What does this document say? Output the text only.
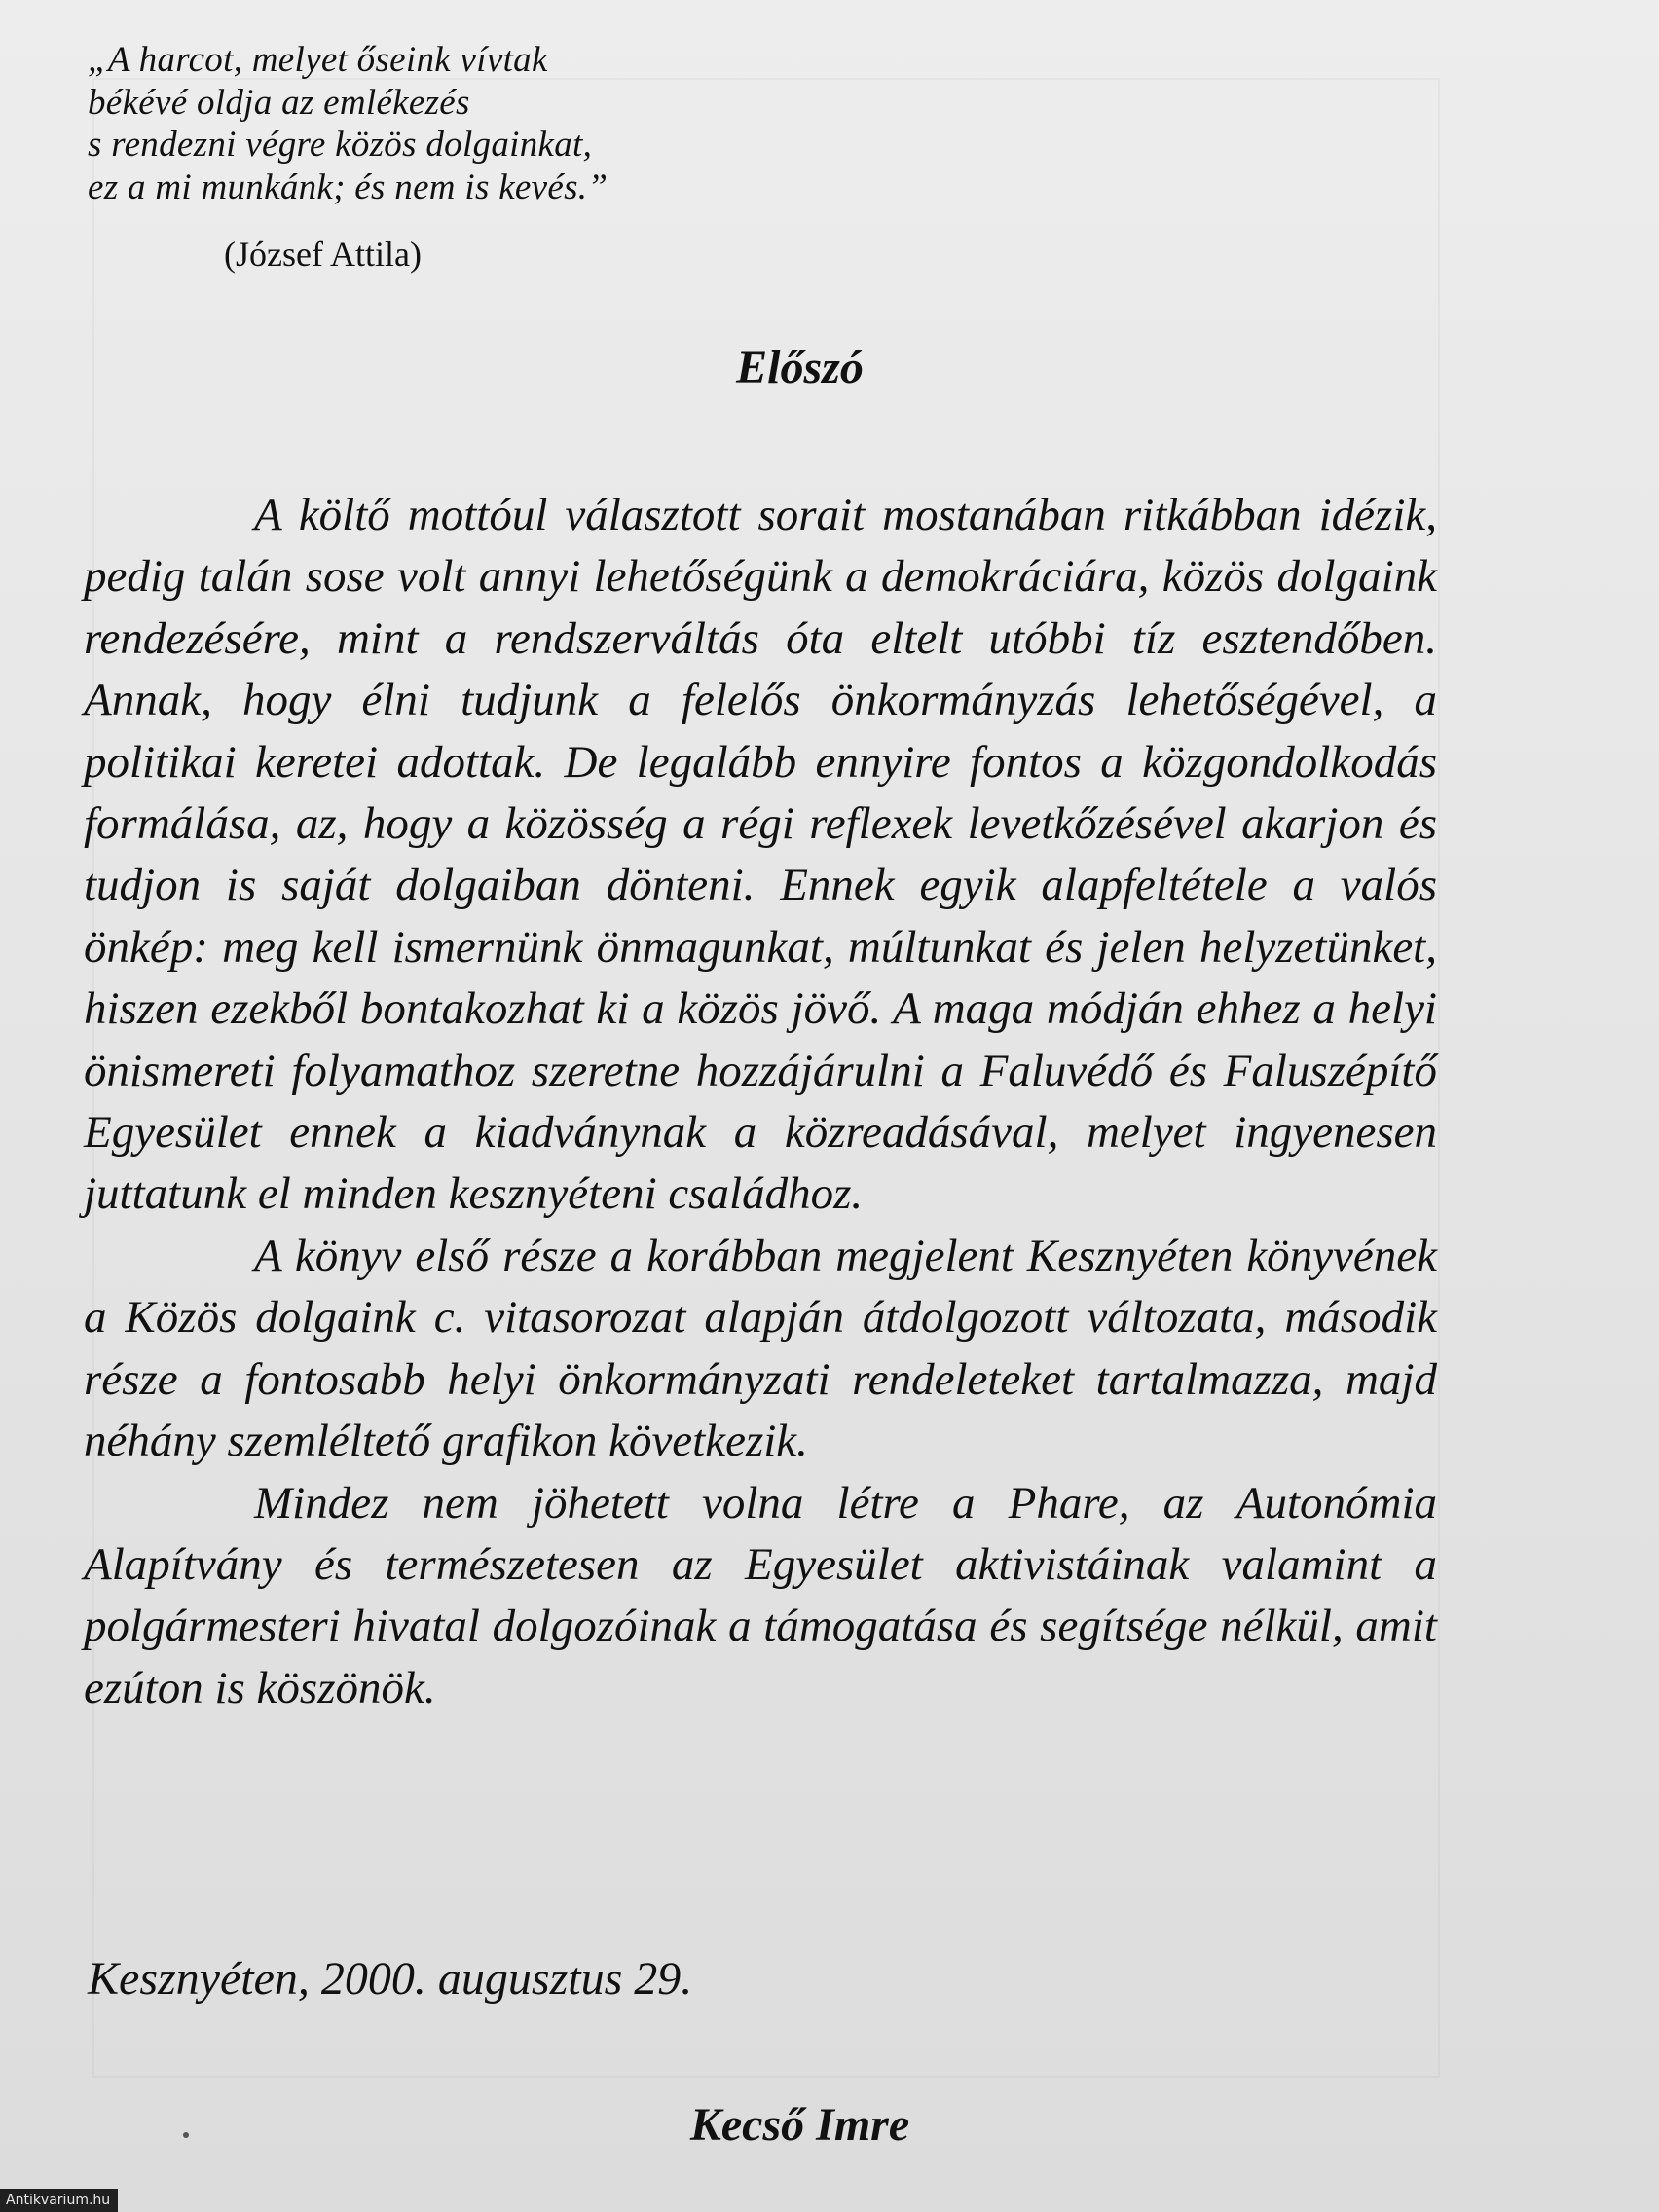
„A harcot, melyet őseink vívtak
békévé oldja az emlékezés
s rendezni végre közös dolgainkat,
ez a mi munkánk; és nem is kevés.”
(József Attila)
Előszó

A költő mottóul választott sorait mostanában ritkábban idézik, pedig talán sose volt annyi lehetőségünk a demokráciára, közös dolgaink rendezésére, mint a rendszerváltás óta eltelt utóbbi tíz esztendőben. Annak, hogy élni tudjunk a felelős önkormányzás lehetőségével, a politikai keretei adottak. De legalább ennyire fontos a közgondolkodás formálása, az, hogy a közösség a régi reflexek levetkőzésével akarjon és tudjon is saját dolgaiban dönteni. Ennek egyik alapfeltétele a valós önkép: meg kell ismernünk önmagunkat, múltunkat és jelen helyzetünket, hiszen ezekből bontakozhat ki a közös jövő. A maga módján ehhez a helyi önismereti folyamathoz szeretne hozzájárulni a Faluvédő és Faluszépítő Egyesület ennek a kiadványnak a közreadásával, melyet ingyenesen juttatunk el minden kesznyéteni családhoz.

A könyv első része a korábban megjelent Kesznyéten könyvének a Közös dolgaink c. vitasorozat alapján átdolgozott változata, második része a fontosabb helyi önkormányzati rendeleteket tartalmazza, majd néhány szemléltető grafikon következik.

Mindez nem jöhetett volna létre a Phare, az Autonómia Alapítvány és természetesen az Egyesület aktivistáinak valamint a polgármesteri hivatal dolgozóinak a támogatása és segítsége nélkül, amit ezúton is köszönök.

Kesznyéten, 2000. augusztus 29.
Kecső Imre
Antikvarium.hu
